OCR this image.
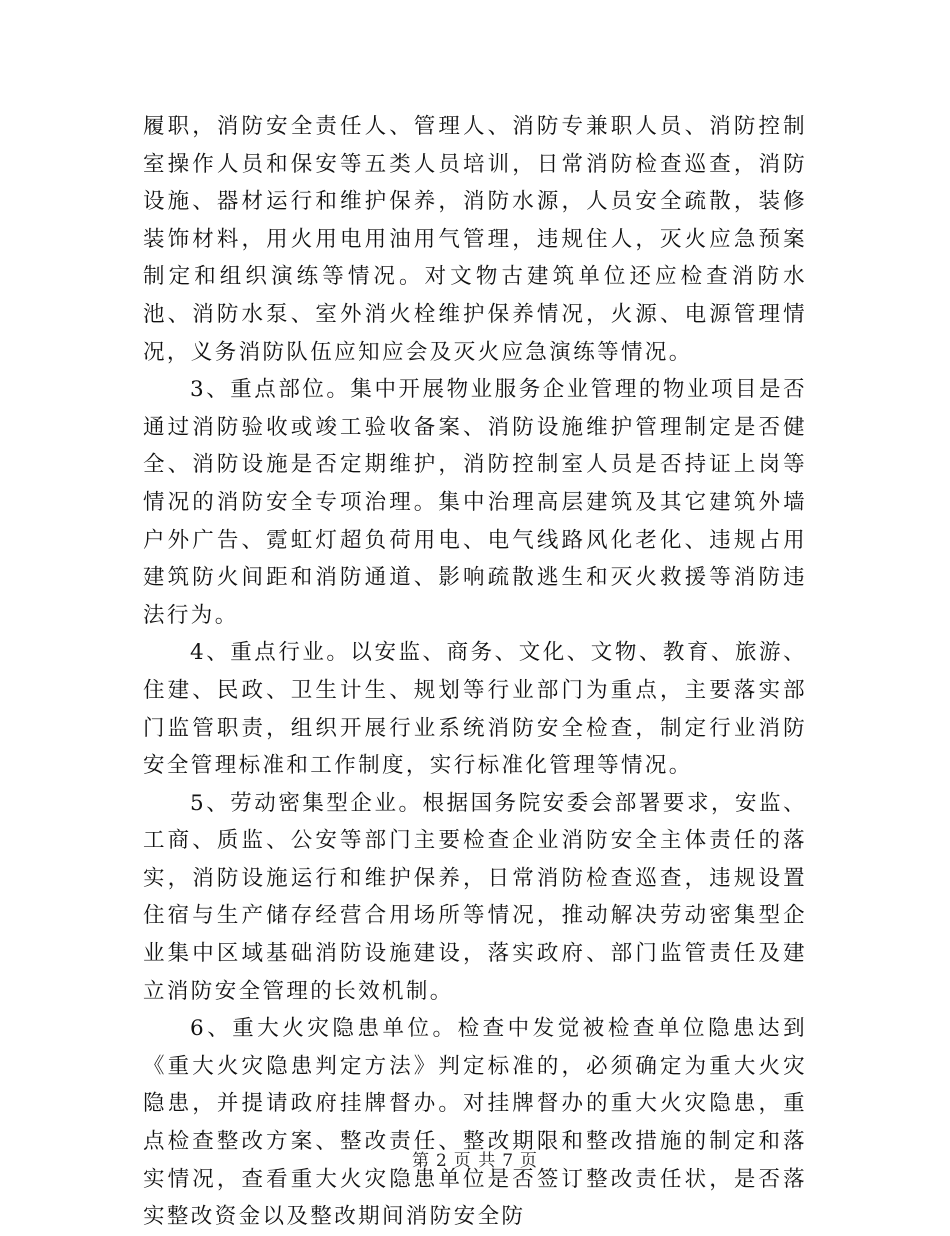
履职，消防安全责任人、管理人、消防专兼职人员、消防控制室操作人员和保安等五类人员培训，日常消防检查巡查，消防设施、器材运行和维护保养，消防水源，人员安全疏散，装修装饰材料，用火用电用油用气管理，违规住人，灭火应急预案制定和组织演练等情况。对文物古建筑单位还应检查消防水池、消防水泵、室外消火栓维护保养情况，火源、电源管理情况，义务消防队伍应知应会及灭火应急演练等情况。

3、重点部位。集中开展物业服务企业管理的物业项目是否通过消防验收或竣工验收备案、消防设施维护管理制定是否健全、消防设施是否定期维护，消防控制室人员是否持证上岗等情况的消防安全专项治理。集中治理高层建筑及其它建筑外墙户外广告、霓虹灯超负荷用电、电气线路风化老化、违规占用建筑防火间距和消防通道、影响疏散逃生和灭火救援等消防违法行为。

4、重点行业。以安监、商务、文化、文物、教育、旅游、住建、民政、卫生计生、规划等行业部门为重点，主要落实部门监管职责，组织开展行业系统消防安全检查，制定行业消防安全管理标准和工作制度，实行标准化管理等情况。

5、劳动密集型企业。根据国务院安委会部署要求，安监、工商、质监、公安等部门主要检查企业消防安全主体责任的落实，消防设施运行和维护保养，日常消防检查巡查，违规设置住宿与生产储存经营合用场所等情况，推动解决劳动密集型企业集中区域基础消防设施建设，落实政府、部门监管责任及建立消防安全管理的长效机制。

6、重大火灾隐患单位。检查中发觉被检查单位隐患达到《重大火灾隐患判定方法》判定标准的，必须确定为重大火灾隐患，并提请政府挂牌督办。对挂牌督办的重大火灾隐患，重点检查整改方案、整改责任、整改期限和整改措施的制定和落实情况，查看重大火灾隐患单位是否签订整改责任状，是否落实整改资金以及整改期间消防安全防

第 2 页 共 7 页
